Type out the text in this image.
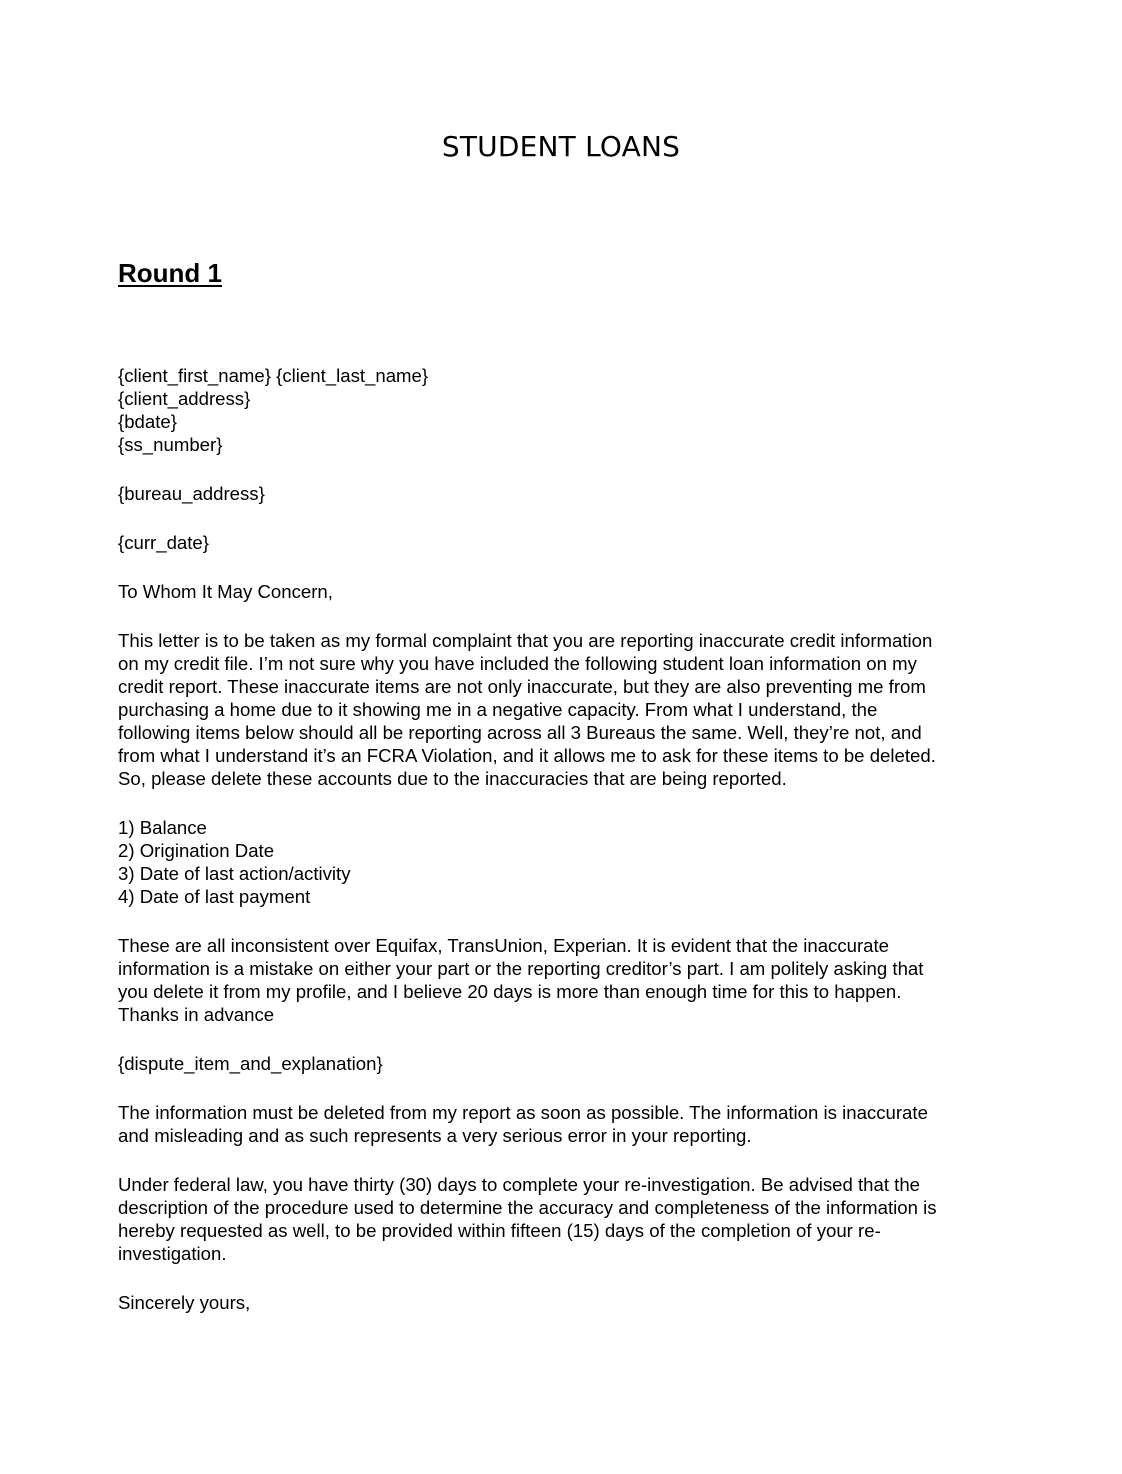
STUDENT LOANS
Round 1
{client_first_name} {client_last_name}
{client_address}
{bdate}
{ss_number}
{bureau_address}
{curr_date}
To Whom It May Concern,
This letter is to be taken as my formal complaint that you are reporting inaccurate credit information
on my credit file. I’m not sure why you have included the following student loan information on my
credit report. These inaccurate items are not only inaccurate, but they are also preventing me from
purchasing a home due to it showing me in a negative capacity. From what I understand, the
following items below should all be reporting across all 3 Bureaus the same. Well, they’re not, and
from what I understand it’s an FCRA Violation, and it allows me to ask for these items to be deleted.
So, please delete these accounts due to the inaccuracies that are being reported.
1) Balance
2) Origination Date
3) Date of last action/activity
4) Date of last payment
These are all inconsistent over Equifax, TransUnion, Experian. It is evident that the inaccurate
information is a mistake on either your part or the reporting creditor’s part. I am politely asking that
you delete it from my profile, and I believe 20 days is more than enough time for this to happen.
Thanks in advance
{dispute_item_and_explanation}
The information must be deleted from my report as soon as possible. The information is inaccurate
and misleading and as such represents a very serious error in your reporting.
Under federal law, you have thirty (30) days to complete your re-investigation. Be advised that the
description of the procedure used to determine the accuracy and completeness of the information is
hereby requested as well, to be provided within fifteen (15) days of the completion of your re-
investigation.
Sincerely yours,
